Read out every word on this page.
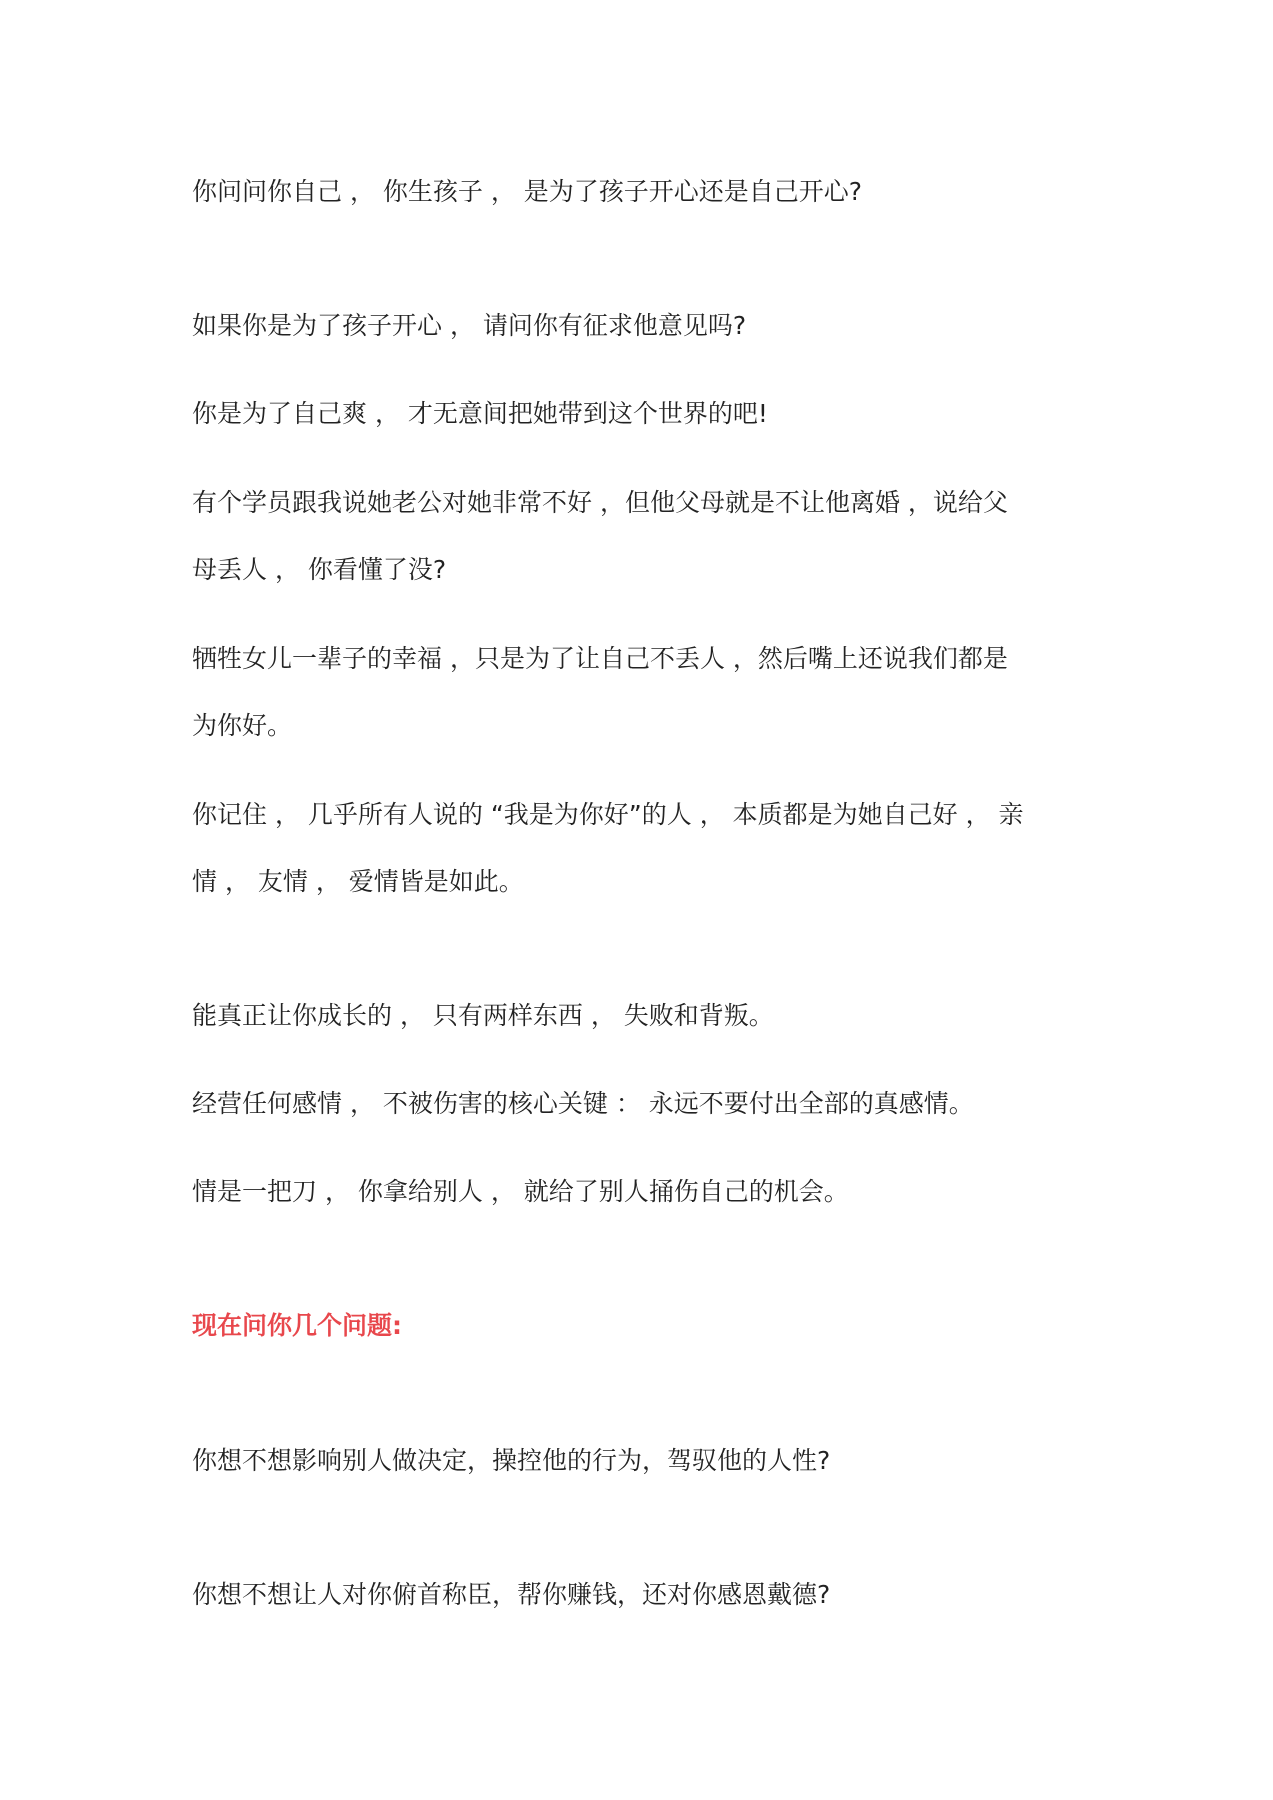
你问问你自己 ， 你生孩子 ， 是为了孩子开心还是自己开心?

如果你是为了孩子开心 ， 请问你有征求他意见吗?

你是为了自己爽 ， 才无意间把她带到这个世界的吧!

有个学员跟我说她老公对她非常不好 ，但他父母就是不让他离婚 ，说给父
母丢人 ， 你看懂了没?

牺牲女儿一辈子的幸福 ，只是为了让自己不丢人 ，然后嘴上还说我们都是
为你好。

你记住 ， 几乎所有人说的 “我是为你好”的人 ， 本质都是为她自己好 ， 亲
情 ， 友情 ， 爱情皆是如此。

能真正让你成长的 ， 只有两样东西 ， 失败和背叛。

经营任何感情 ， 不被伤害的核心关键 ： 永远不要付出全部的真感情。

情是一把刀 ， 你拿给别人 ， 就给了别人捅伤自己的机会。

现在问你几个问题:

你想不想影响别人做决定，操控他的行为，驾驭他的人性?

你想不想让人对你俯首称臣，帮你赚钱，还对你感恩戴德?
